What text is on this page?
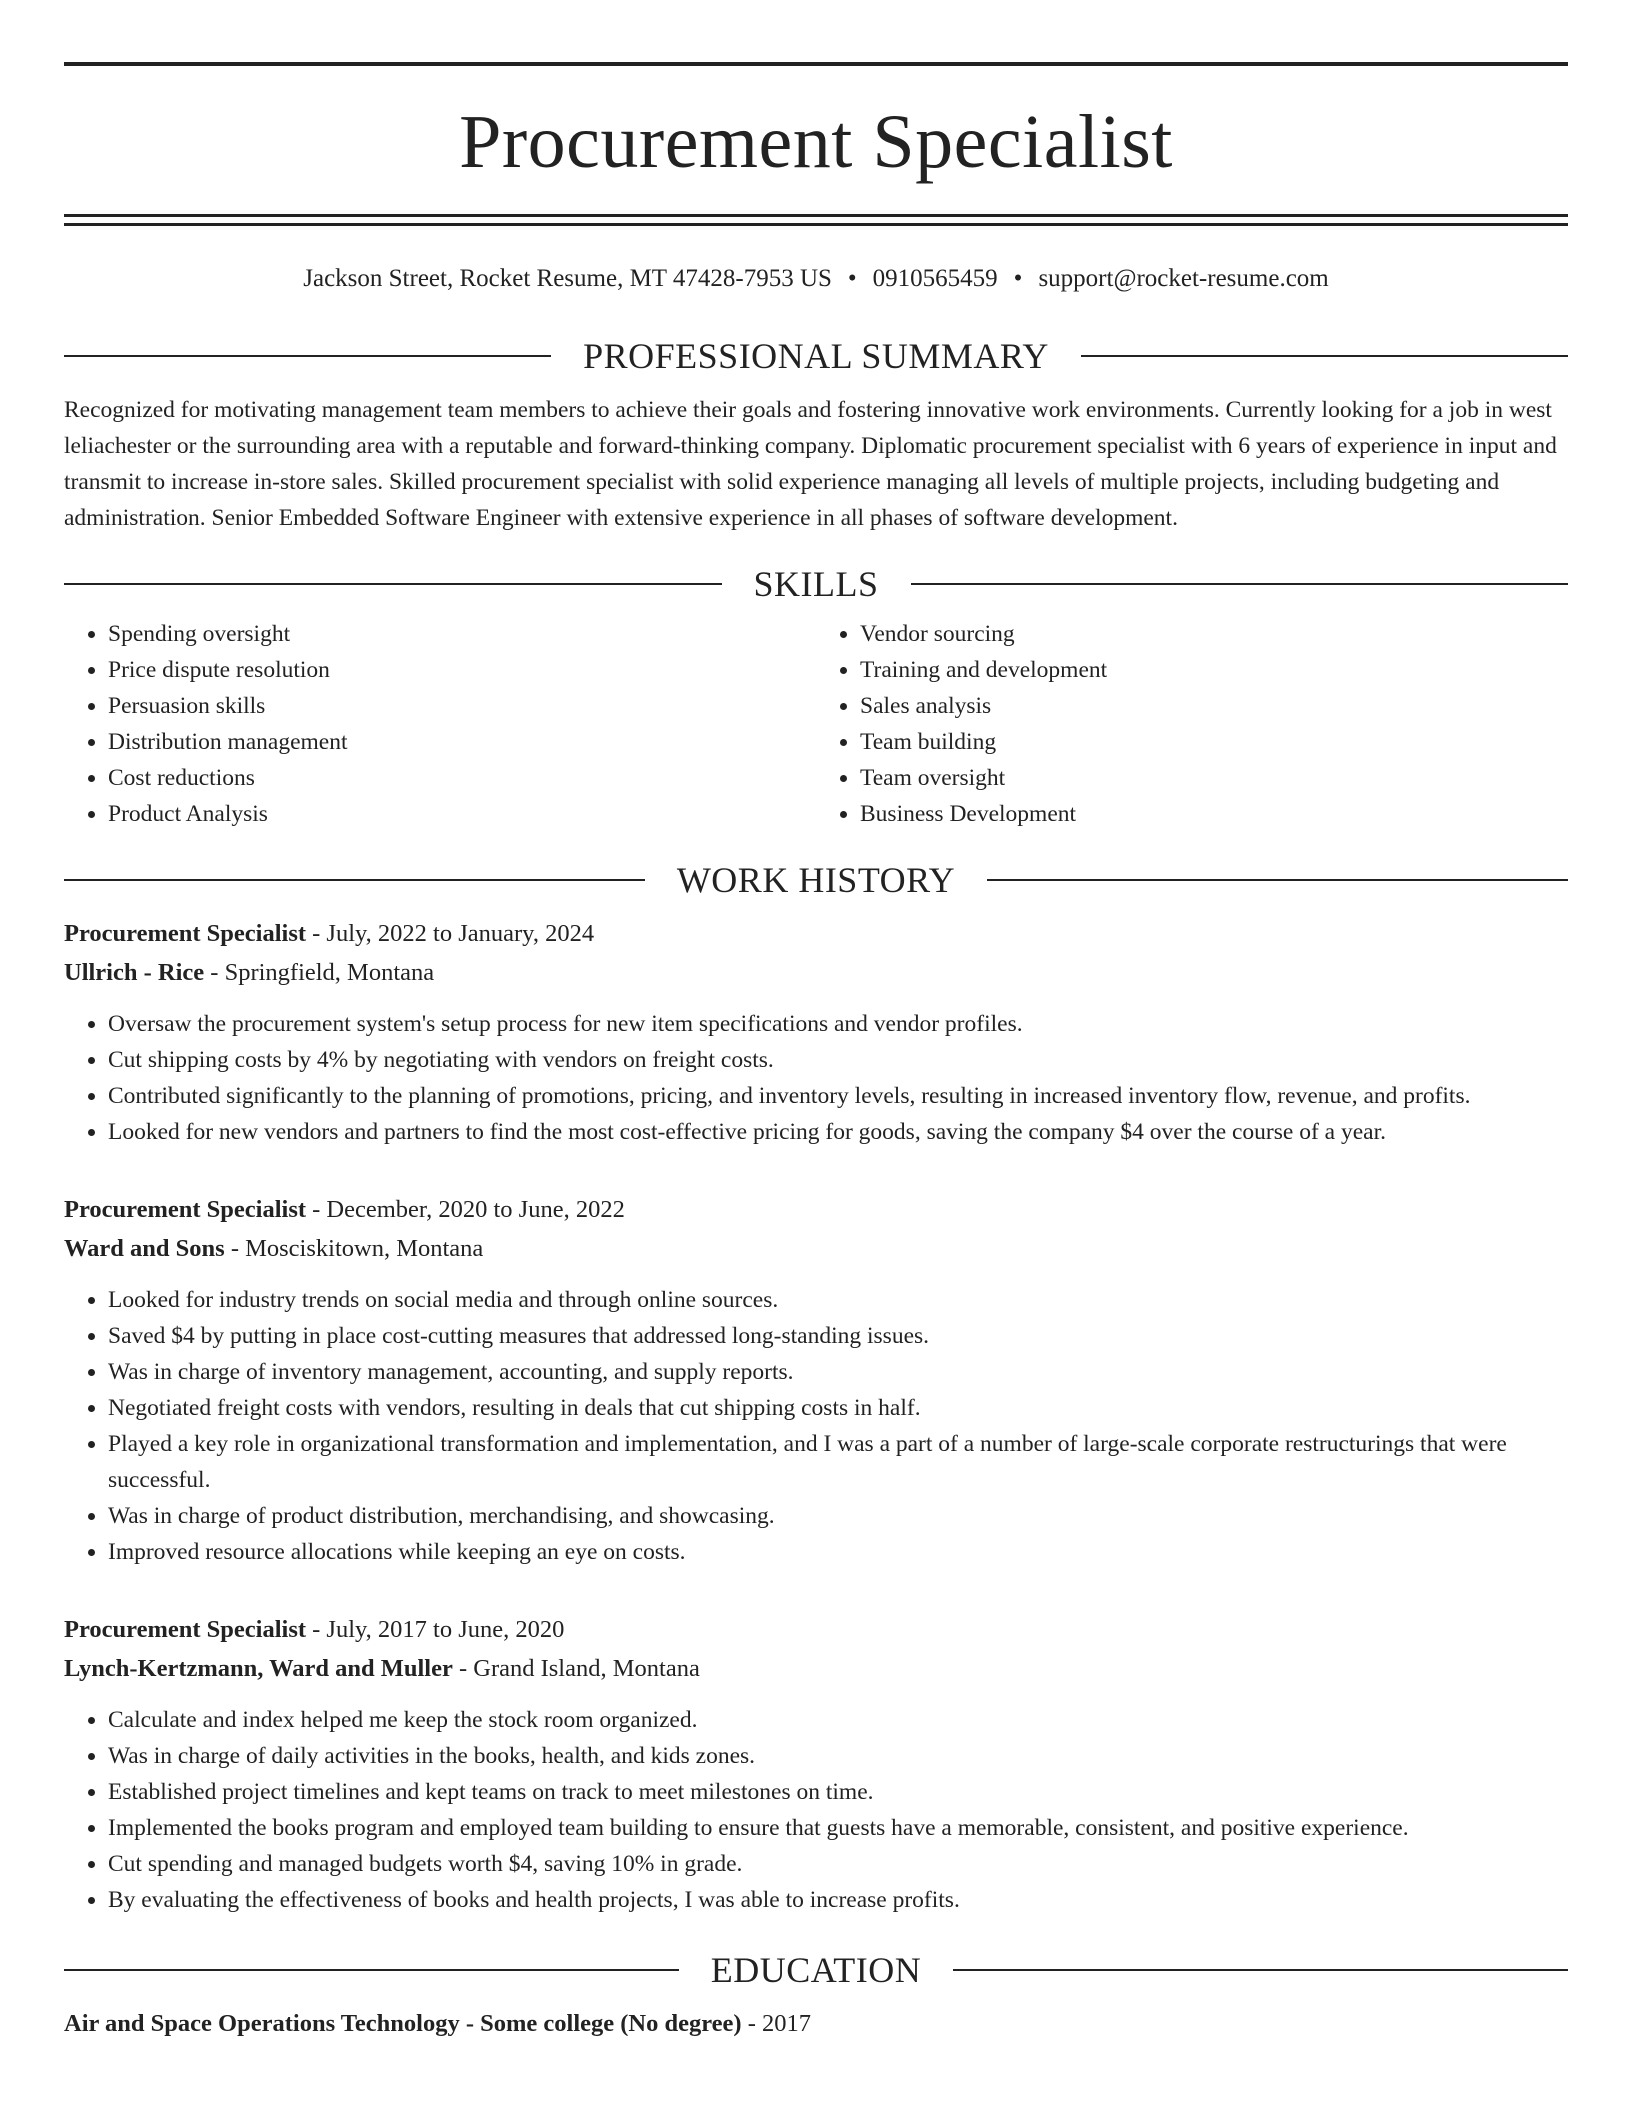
Procurement Specialist
Jackson Street, Rocket Resume, MT 47428-7953 US • 0910565459 • support@rocket-resume.com
PROFESSIONAL SUMMARY
Recognized for motivating management team members to achieve their goals and fostering innovative work environments. Currently looking for a job in west leliachester or the surrounding area with a reputable and forward-thinking company. Diplomatic procurement specialist with 6 years of experience in input and transmit to increase in-store sales. Skilled procurement specialist with solid experience managing all levels of multiple projects, including budgeting and administration. Senior Embedded Software Engineer with extensive experience in all phases of software development.
SKILLS
• Spending oversight
• Price dispute resolution
• Persuasion skills
• Distribution management
• Cost reductions
• Product Analysis
• Vendor sourcing
• Training and development
• Sales analysis
• Team building
• Team oversight
• Business Development
WORK HISTORY
Procurement Specialist - July, 2022 to January, 2024
Ullrich - Rice - Springfield, Montana
• Oversaw the procurement system's setup process for new item specifications and vendor profiles.
• Cut shipping costs by 4% by negotiating with vendors on freight costs.
• Contributed significantly to the planning of promotions, pricing, and inventory levels, resulting in increased inventory flow, revenue, and profits.
• Looked for new vendors and partners to find the most cost-effective pricing for goods, saving the company $4 over the course of a year.
Procurement Specialist - December, 2020 to June, 2022
Ward and Sons - Mosciskitown, Montana
• Looked for industry trends on social media and through online sources.
• Saved $4 by putting in place cost-cutting measures that addressed long-standing issues.
• Was in charge of inventory management, accounting, and supply reports.
• Negotiated freight costs with vendors, resulting in deals that cut shipping costs in half.
• Played a key role in organizational transformation and implementation, and I was a part of a number of large-scale corporate restructurings that were successful.
• Was in charge of product distribution, merchandising, and showcasing.
• Improved resource allocations while keeping an eye on costs.
Procurement Specialist - July, 2017 to June, 2020
Lynch-Kertzmann, Ward and Muller - Grand Island, Montana
• Calculate and index helped me keep the stock room organized.
• Was in charge of daily activities in the books, health, and kids zones.
• Established project timelines and kept teams on track to meet milestones on time.
• Implemented the books program and employed team building to ensure that guests have a memorable, consistent, and positive experience.
• Cut spending and managed budgets worth $4, saving 10% in grade.
• By evaluating the effectiveness of books and health projects, I was able to increase profits.
EDUCATION
Air and Space Operations Technology - Some college (No degree) - 2017
